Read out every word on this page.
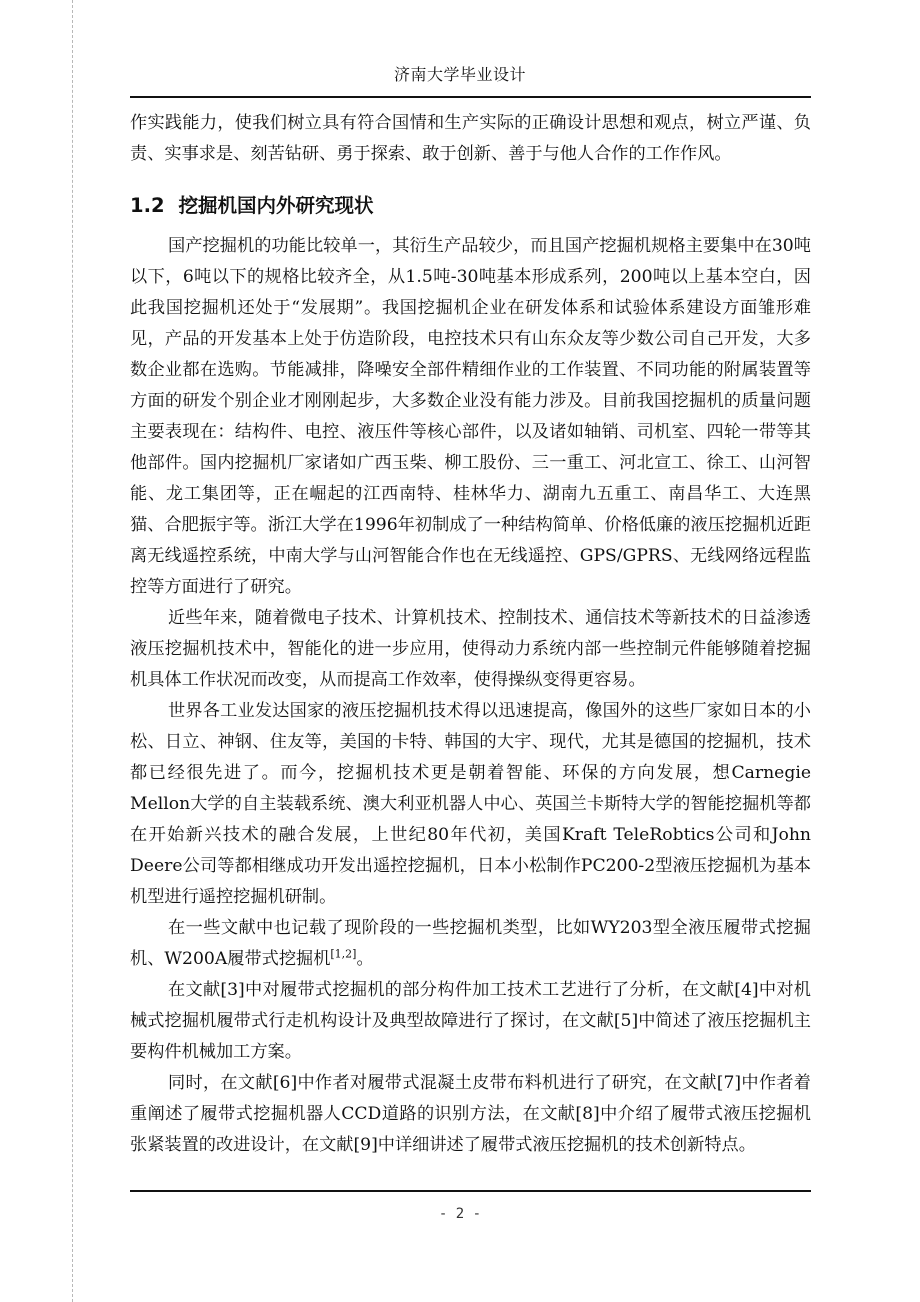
济南大学毕业设计

作实践能力，使我们树立具有符合国情和生产实际的正确设计思想和观点，树立严谨、负责、实事求是、刻苦钻研、勇于探索、敢于创新、善于与他人合作的工作作风。

1.2 挖掘机国内外研究现状

国产挖掘机的功能比较单一，其衍生产品较少，而且国产挖掘机规格主要集中在30吨以下，6吨以下的规格比较齐全，从1.5吨-30吨基本形成系列，200吨以上基本空白，因此我国挖掘机还处于“发展期”。我国挖掘机企业在研发体系和试验体系建设方面雏形难见，产品的开发基本上处于仿造阶段，电控技术只有山东众友等少数公司自己开发，大多数企业都在选购。节能减排，降噪安全部件精细作业的工作装置、不同功能的附属装置等方面的研发个别企业才刚刚起步，大多数企业没有能力涉及。目前我国挖掘机的质量问题主要表现在：结构件、电控、液压件等核心部件，以及诸如轴销、司机室、四轮一带等其他部件。国内挖掘机厂家诸如广西玉柴、柳工股份、三一重工、河北宣工、徐工、山河智能、龙工集团等，正在崛起的江西南特、桂林华力、湖南九五重工、南昌华工、大连黑猫、合肥振宇等。浙江大学在1996年初制成了一种结构简单、价格低廉的液压挖掘机近距离无线遥控系统，中南大学与山河智能合作也在无线遥控、GPS/GPRS、无线网络远程监控等方面进行了研究。

近些年来，随着微电子技术、计算机技术、控制技术、通信技术等新技术的日益渗透液压挖掘机技术中，智能化的进一步应用，使得动力系统内部一些控制元件能够随着挖掘机具体工作状况而改变，从而提高工作效率，使得操纵变得更容易。

世界各工业发达国家的液压挖掘机技术得以迅速提高，像国外的这些厂家如日本的小松、日立、神钢、住友等，美国的卡特、韩国的大宇、现代，尤其是德国的挖掘机，技术都已经很先进了。而今，挖掘机技术更是朝着智能、环保的方向发展，想Carnegie Mellon大学的自主装载系统、澳大利亚机器人中心、英国兰卡斯特大学的智能挖掘机等都在开始新兴技术的融合发展，上世纪80年代初，美国Kraft TeleRobtics公司和John Deere公司等都相继成功开发出遥控挖掘机，日本小松制作PC200-2型液压挖掘机为基本机型进行遥控挖掘机研制。

在一些文献中也记载了现阶段的一些挖掘机类型，比如WY203型全液压履带式挖掘机、W200A履带式挖掘机[1,2]。

在文献[3]中对履带式挖掘机的部分构件加工技术工艺进行了分析，在文献[4]中对机械式挖掘机履带式行走机构设计及典型故障进行了探讨，在文献[5]中简述了液压挖掘机主要构件机械加工方案。

同时，在文献[6]中作者对履带式混凝土皮带布料机进行了研究，在文献[7]中作者着重阐述了履带式挖掘机器人CCD道路的识别方法，在文献[8]中介绍了履带式液压挖掘机张紧装置的改进设计，在文献[9]中详细讲述了履带式液压挖掘机的技术创新特点。

- 2 -
